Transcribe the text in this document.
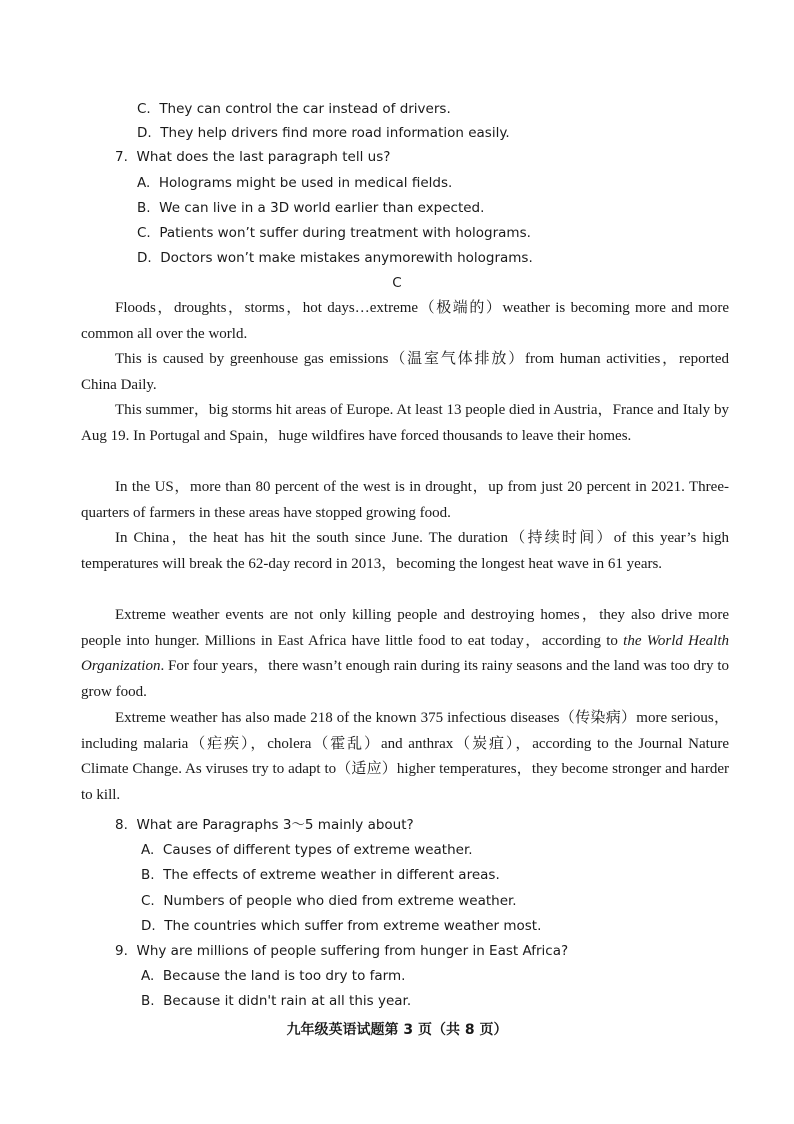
C. They can control the car instead of drivers.
D. They help drivers find more road information easily.
7. What does the last paragraph tell us?
A. Holograms might be used in medical fields.
B. We can live in a 3D world earlier than expected.
C. Patients won’t suffer during treatment with holograms.
D. Doctors won’t make mistakes anymorewith holograms.
C

Floods，droughts，storms，hot days…extreme（极端的）weather is becoming more and more common all over the world.

This is caused by greenhouse gas emissions（温室气体排放）from human activities，reported China Daily.

This summer，big storms hit areas of Europe. At least 13 people died in Austria，France and Italy by Aug 19. In Portugal and Spain，huge wildfires have forced thousands to leave their homes.

In the US，more than 80 percent of the west is in drought，up from just 20 percent in 2021. Three-quarters of farmers in these areas have stopped growing food.

In China，the heat has hit the south since June. The duration（持续时间）of this year’s high temperatures will break the 62-day record in 2013，becoming the longest heat wave in 61 years.

Extreme weather events are not only killing people and destroying homes，they also drive more people into hunger. Millions in East Africa have little food to eat today，according to the World Health Organization. For four years，there wasn’t enough rain during its rainy seasons and the land was too dry to grow food.

Extreme weather has also made 218 of the known 375 infectious diseases（传染病）more serious，including malaria（疟疾），cholera（霍乱）and anthrax（炭疽），according to the Journal Nature Climate Change. As viruses try to adapt to（适应）higher temperatures，they become stronger and harder to kill.

8. What are Paragraphs 3～5 mainly about?
A. Causes of different types of extreme weather.
B. The effects of extreme weather in different areas.
C. Numbers of people who died from extreme weather.
D. The countries which suffer from extreme weather most.
9. Why are millions of people suffering from hunger in East Africa?
A. Because the land is too dry to farm.
B. Because it didn't rain at all this year.
九年级英语试题第 3 页（共 8 页）
